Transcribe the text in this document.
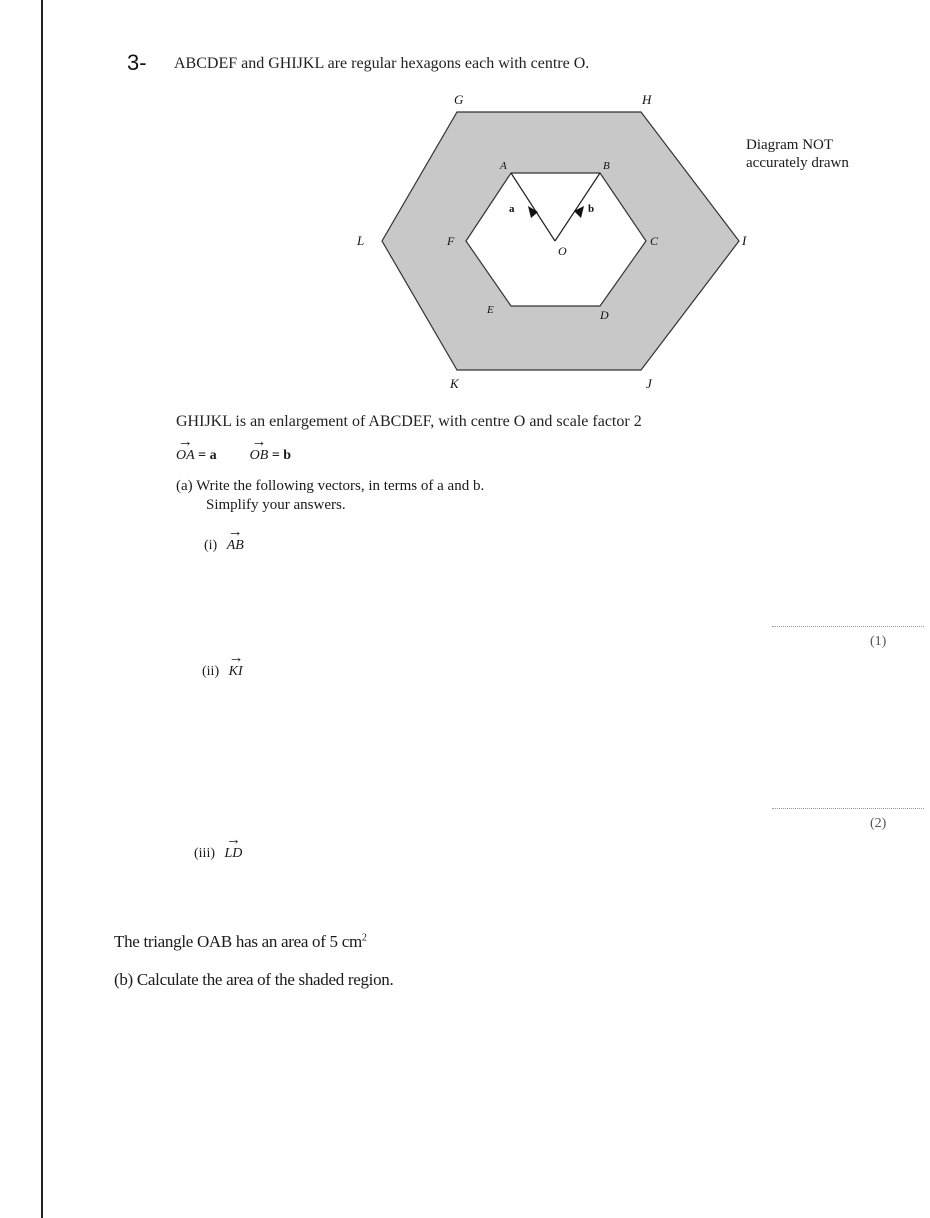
3- ABCDEF and GHIJKL are regular hexagons each with centre O.
G	H
I
J
K
L
A	B
C
D
E
F
O
a	b
Diagram NOT
accurately drawn
GHIJKL is an enlargement of ABCDEF, with centre O and scale factor 2
→ OA = a → OB = b
(a) Write the following vectors, in terms of a and b.
Simplify your answers.
(i) → AB
(1)
(ii) → KI
(2)
(iii) → LD
The triangle OAB has an area of 5 $cm^2$
(b) Calculate the area of the shaded region.
